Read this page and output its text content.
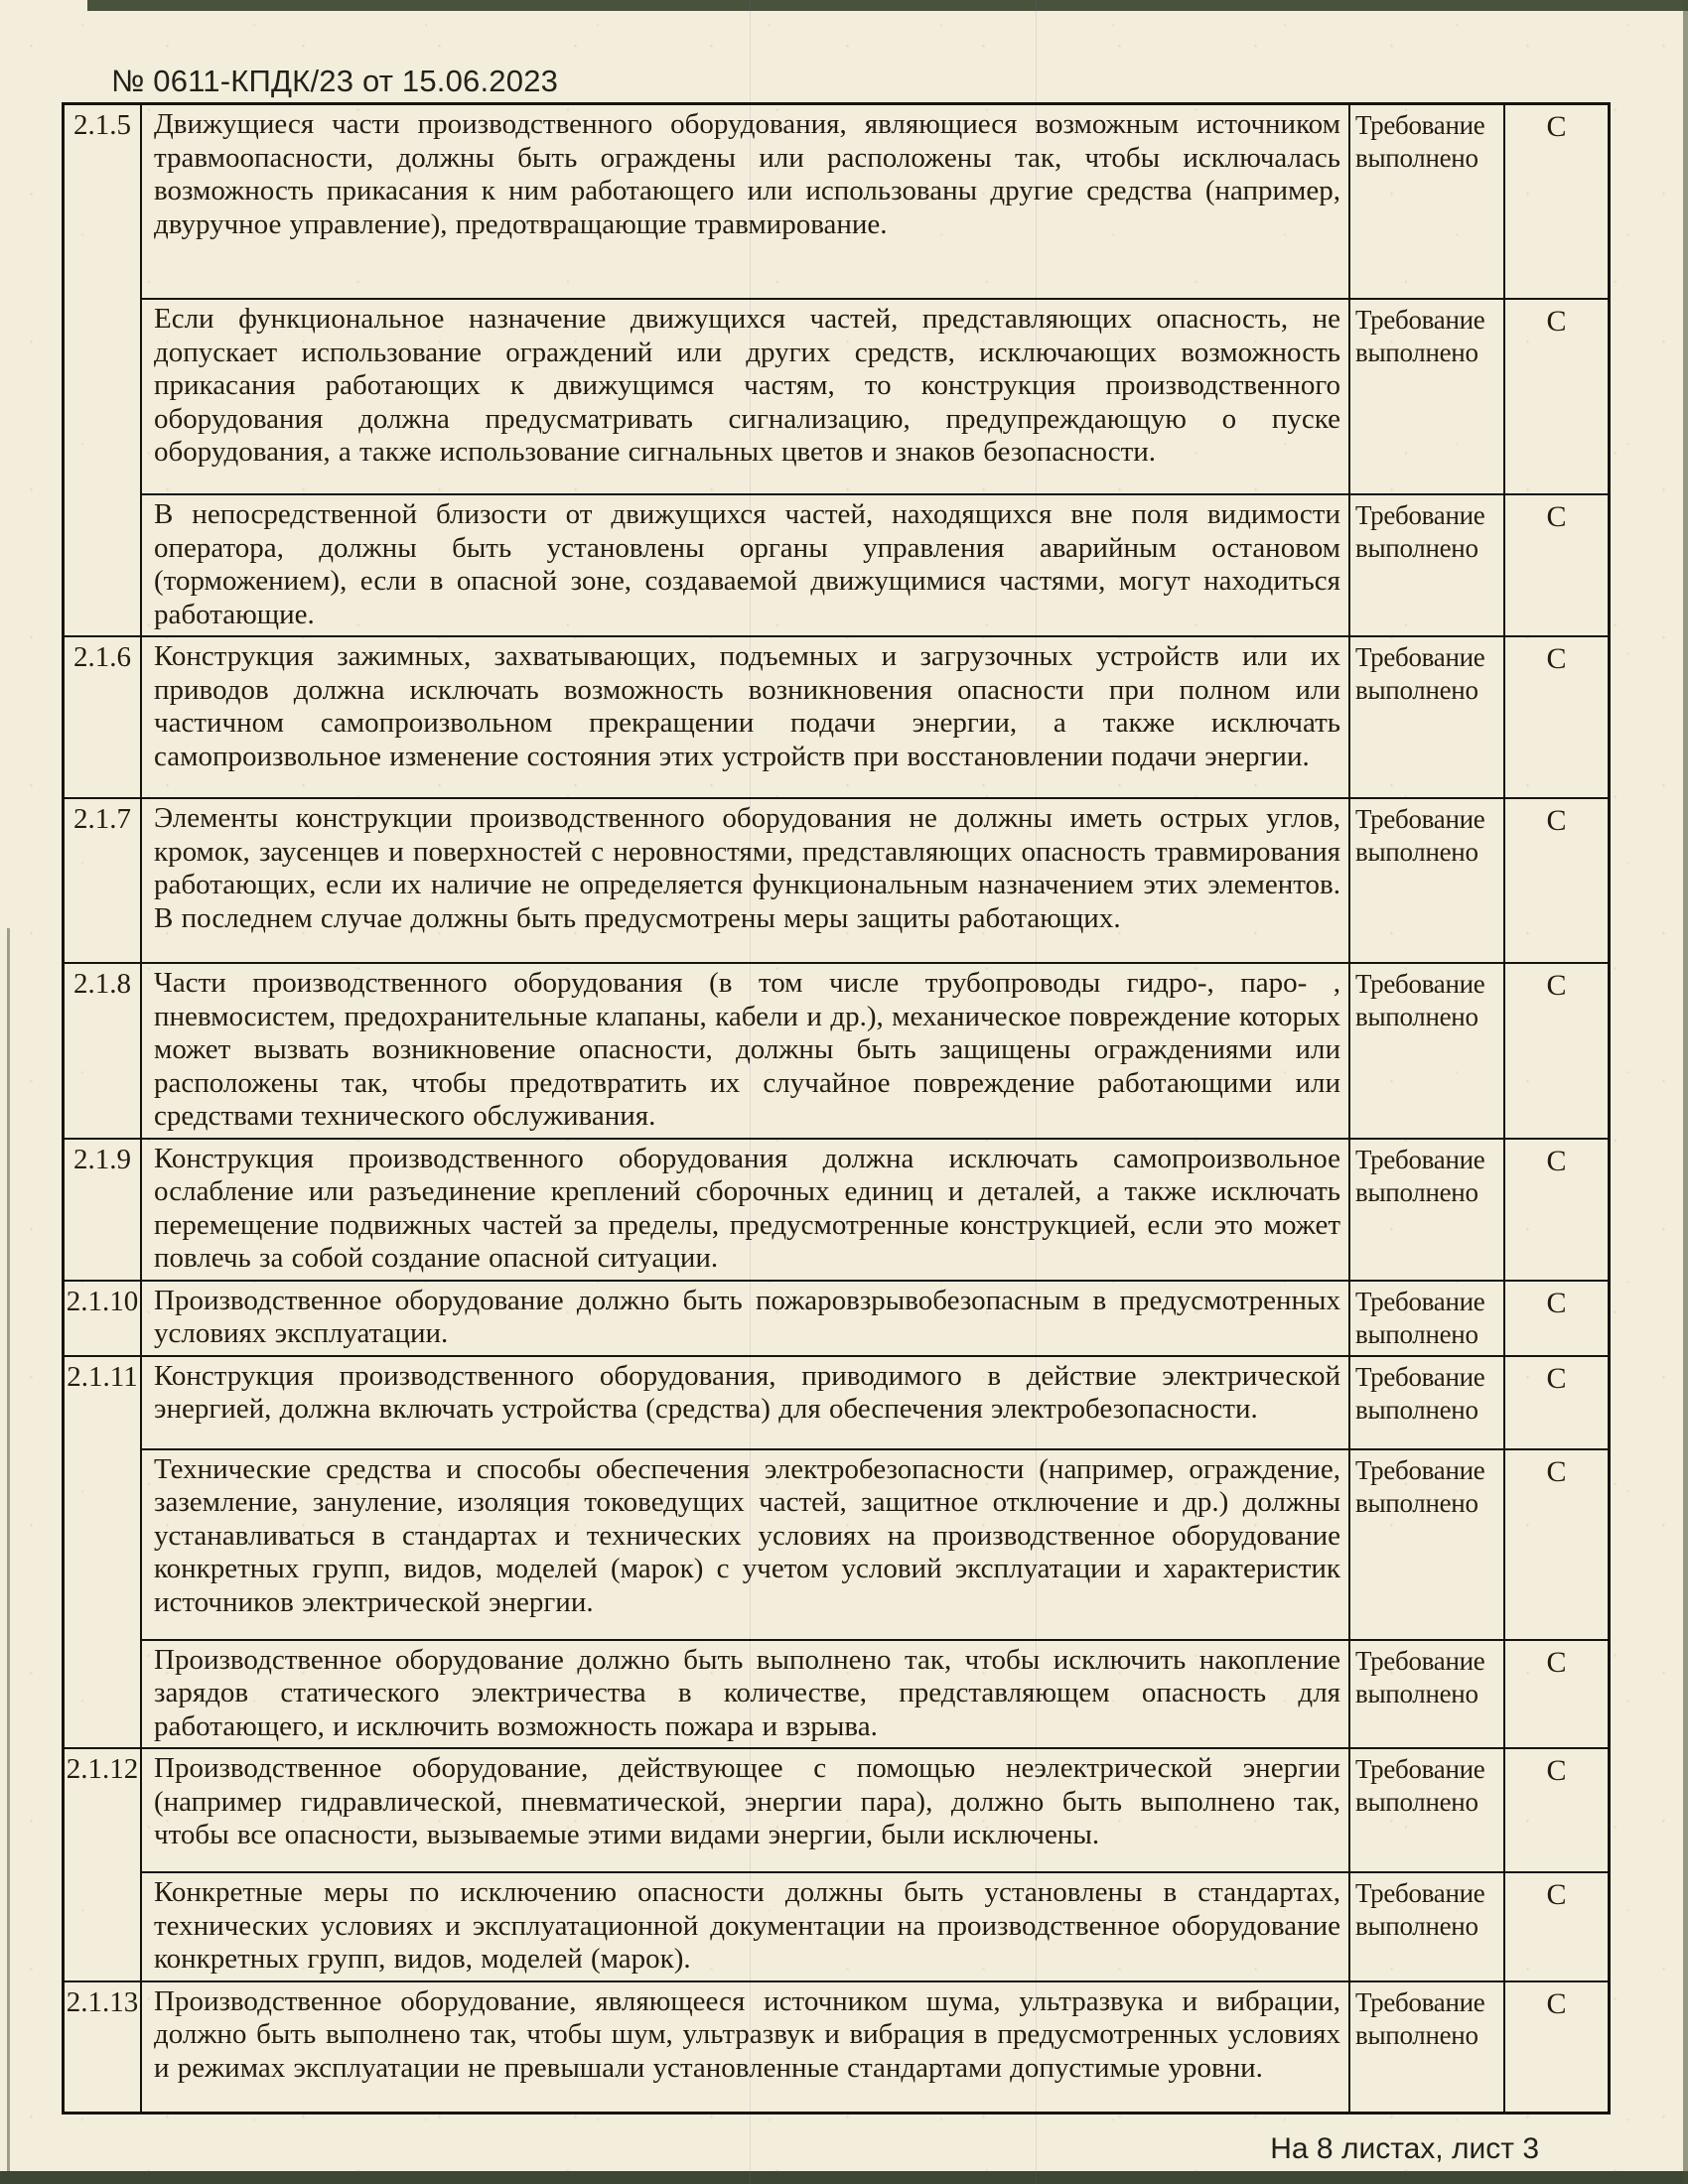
№ 0611-КПДК/23 от 15.06.2023
2.1.5 Движущиеся части производственного оборудования, являющиеся возможным источником травмоопасности, должны быть ограждены или расположены так, чтобы исключалась возможность прикасания к ним работающего или использованы другие средства (например, двуручное управление), предотвращающие травмирование.
Требование выполнено
С
Если функциональное назначение движущихся частей, представляющих опасность, не допускает использование ограждений или других средств, исключающих возможность прикасания работающих к движущимся частям, то конструкция производственного оборудования должна предусматривать сигнализацию, предупреждающую о пуске оборудования, а также использование сигнальных цветов и знаков безопасности.
Требование выполнено
С
В непосредственной близости от движущихся частей, находящихся вне поля видимости оператора, должны быть установлены органы управления аварийным остановом (торможением), если в опасной зоне, создаваемой движущимися частями, могут находиться работающие.
Требование выполнено
С
2.1.6 Конструкция зажимных, захватывающих, подъемных и загрузочных устройств или их приводов должна исключать возможность возникновения опасности при полном или частичном самопроизвольном прекращении подачи энергии, а также исключать самопроизвольное изменение состояния этих устройств при восстановлении подачи энергии.
Требование выполнено
С
2.1.7 Элементы конструкции производственного оборудования не должны иметь острых углов, кромок, заусенцев и поверхностей с неровностями, представляющих опасность травмирования работающих, если их наличие не определяется функциональным назначением этих элементов. В последнем случае должны быть предусмотрены меры защиты работающих.
Требование выполнено
С
2.1.8 Части производственного оборудования (в том числе трубопроводы гидро-, паро- , пневмосистем, предохранительные клапаны, кабели и др.), механическое повреждение которых может вызвать возникновение опасности, должны быть защищены ограждениями или расположены так, чтобы предотвратить их случайное повреждение работающими или средствами технического обслуживания.
Требование выполнено
С
2.1.9 Конструкция производственного оборудования должна исключать самопроизвольное ослабление или разъединение креплений сборочных единиц и деталей, а также исключать перемещение подвижных частей за пределы, предусмотренные конструкцией, если это может повлечь за собой создание опасной ситуации.
Требование выполнено
С
2.1.10 Производственное оборудование должно быть пожаровзрывобезопасным в предусмотренных условиях эксплуатации.
Требование выполнено
С
2.1.11 Конструкция производственного оборудования, приводимого в действие электрической энергией, должна включать устройства (средства) для обеспечения электробезопасности.
Требование выполнено
С
Технические средства и способы обеспечения электробезопасности (например, ограждение, заземление, зануление, изоляция токоведущих частей, защитное отключение и др.) должны устанавливаться в стандартах и технических условиях на производственное оборудование конкретных групп, видов, моделей (марок) с учетом условий эксплуатации и характеристик источников электрической энергии.
Требование выполнено
С
Производственное оборудование должно быть выполнено так, чтобы исключить накопление зарядов статического электричества в количестве, представляющем опасность для работающего, и исключить возможность пожара и взрыва.
Требование выполнено
С
2.1.12 Производственное оборудование, действующее с помощью неэлектрической энергии (например гидравлической, пневматической, энергии пара), должно быть выполнено так, чтобы все опасности, вызываемые этими видами энергии, были исключены.
Требование выполнено
С
Конкретные меры по исключению опасности должны быть установлены в стандартах, технических условиях и эксплуатационной документации на производственное оборудование конкретных групп, видов, моделей (марок).
Требование выполнено
С
2.1.13 Производственное оборудование, являющееся источником шума, ультразвука и вибрации, должно быть выполнено так, чтобы шум, ультразвук и вибрация в предусмотренных условиях и режимах эксплуатации не превышали установленные стандартами допустимые уровни.
Требование выполнено
С
На 8 листах, лист 3
